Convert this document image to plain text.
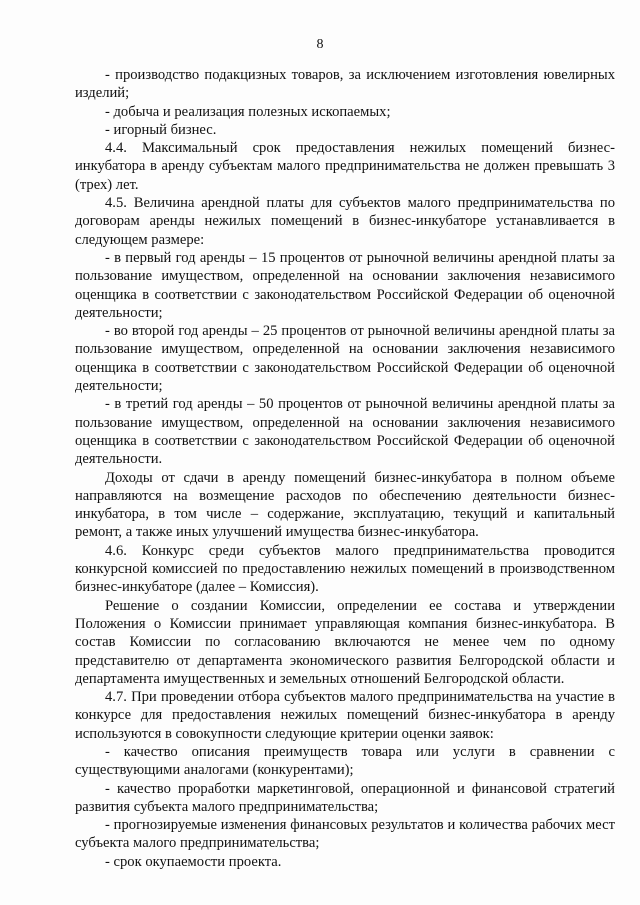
8

- производство подакцизных товаров, за исключением изготовления ювелирных изделий;

- добыча и реализация полезных ископаемых;

- игорный бизнес.

4.4. Максимальный срок предоставления нежилых помещений бизнес-инкубатора в аренду субъектам малого предпринимательства не должен превышать 3 (трех) лет.

4.5. Величина арендной платы для субъектов малого предпринимательства по договорам аренды нежилых помещений в бизнес-инкубаторе устанавливается в следующем размере:

- в первый год аренды – 15 процентов от рыночной величины арендной платы за пользование имуществом, определенной на основании заключения независимого оценщика в соответствии с законодательством Российской Федерации об оценочной деятельности;

- во второй год аренды – 25 процентов от рыночной величины арендной платы за пользование имуществом, определенной на основании заключения независимого оценщика в соответствии с законодательством Российской Федерации об оценочной деятельности;

- в третий год аренды – 50 процентов от рыночной величины арендной платы за пользование имуществом, определенной на основании заключения независимого оценщика в соответствии с законодательством Российской Федерации об оценочной деятельности.

Доходы от сдачи в аренду помещений бизнес-инкубатора в полном объеме направляются на возмещение расходов по обеспечению деятельности бизнес-инкубатора, в том числе – содержание, эксплуатацию, текущий и капитальный ремонт, а также иных улучшений имущества бизнес-инкубатора.

4.6. Конкурс среди субъектов малого предпринимательства проводится конкурсной комиссией по предоставлению нежилых помещений в производственном бизнес-инкубаторе (далее – Комиссия).

Решение о создании Комиссии, определении ее состава и утверждении Положения о Комиссии принимает управляющая компания бизнес-инкубатора. В состав Комиссии по согласованию включаются не менее чем по одному представителю от департамента экономического развития Белгородской области и департамента имущественных и земельных отношений Белгородской области.

4.7. При проведении отбора субъектов малого предпринимательства на участие в конкурсе для предоставления нежилых помещений бизнес-инкубатора в аренду используются в совокупности следующие критерии оценки заявок:

- качество описания преимуществ товара или услуги в сравнении с существующими аналогами (конкурентами);

- качество проработки маркетинговой, операционной и финансовой стратегий развития субъекта малого предпринимательства;

- прогнозируемые изменения финансовых результатов и количества рабочих мест субъекта малого предпринимательства;

- срок окупаемости проекта.
